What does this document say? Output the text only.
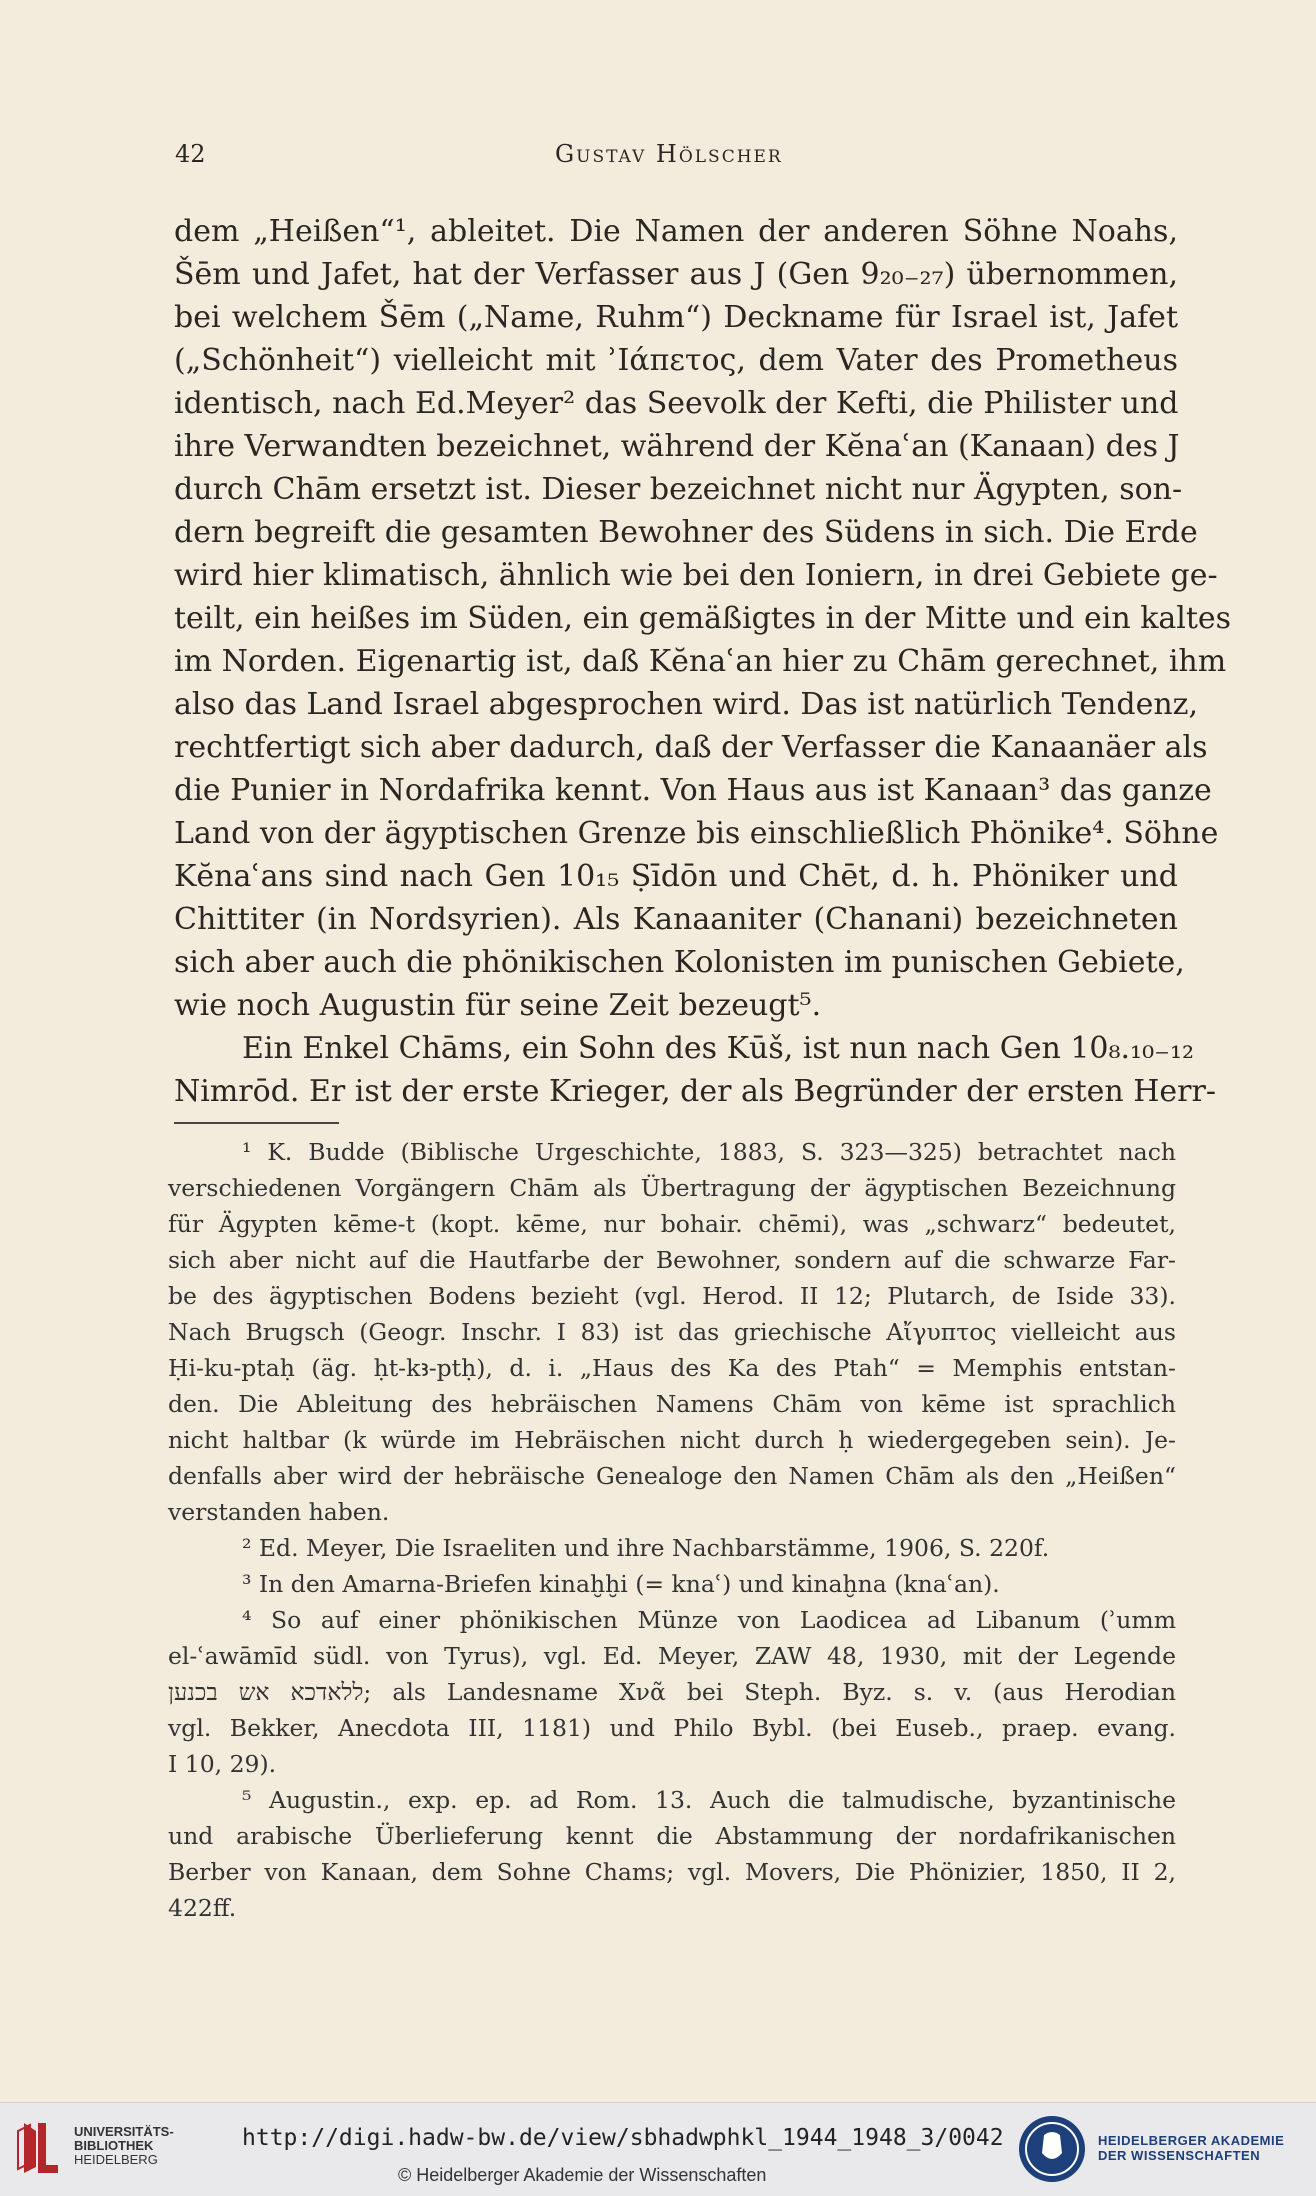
42	Gustav Hölscher
dem „Heißen“¹, ableitet. Die Namen der anderen Söhne Noahs,
Šēm und Jafet, hat der Verfasser aus J (Gen 9₂₀₋₂₇) übernommen,
bei welchem Šēm („Name, Ruhm“) Deckname für Israel ist, Jafet
(„Schönheit“) vielleicht mit ʾΙάπετος, dem Vater des Prometheus
identisch, nach Ed.Meyer² das Seevolk der Kefti, die Philister und
ihre Verwandten bezeichnet, während der Kĕnaʿan (Kanaan) des J
durch Chām ersetzt ist. Dieser bezeichnet nicht nur Ägypten, son-
dern begreift die gesamten Bewohner des Südens in sich. Die Erde
wird hier klimatisch, ähnlich wie bei den Ioniern, in drei Gebiete ge-
teilt, ein heißes im Süden, ein gemäßigtes in der Mitte und ein kaltes
im Norden. Eigenartig ist, daß Kĕnaʿan hier zu Chām gerechnet, ihm
also das Land Israel abgesprochen wird. Das ist natürlich Tendenz,
rechtfertigt sich aber dadurch, daß der Verfasser die Kanaanäer als
die Punier in Nordafrika kennt. Von Haus aus ist Kanaan³ das ganze
Land von der ägyptischen Grenze bis einschließlich Phönike⁴. Söhne
Kĕnaʿans sind nach Gen 10₁₅ Ṣīdōn und Chēt, d. h. Phöniker und
Chittiter (in Nordsyrien). Als Kanaaniter (Chanani) bezeichneten
sich aber auch die phönikischen Kolonisten im punischen Gebiete,
wie noch Augustin für seine Zeit bezeugt⁵.
Ein Enkel Chāms, ein Sohn des Kūš, ist nun nach Gen 10₈.₁₀₋₁₂
Nimrōd. Er ist der erste Krieger, der als Begründer der ersten Herr-
¹ K. Budde (Biblische Urgeschichte, 1883, S. 323—325) betrachtet nach
verschiedenen Vorgängern Chām als Übertragung der ägyptischen Bezeichnung
für Ägypten kēme-t (kopt. kēme, nur bohair. chēmi), was „schwarz“ bedeutet,
sich aber nicht auf die Hautfarbe der Bewohner, sondern auf die schwarze Far-
be des ägyptischen Bodens bezieht (vgl. Herod. II 12; Plutarch, de Iside 33).
Nach Brugsch (Geogr. Inschr. I 83) ist das griechische Αἴγυπτος vielleicht aus
Ḥi-ku-ptaḥ (äg. ḥt-kꜣ-ptḥ), d. i. „Haus des Ka des Ptah“ = Memphis entstan-
den. Die Ableitung des hebräischen Namens Chām von kēme ist sprachlich
nicht haltbar (k würde im Hebräischen nicht durch ḥ wiedergegeben sein). Je-
denfalls aber wird der hebräische Genealoge den Namen Chām als den „Heißen“
verstanden haben.
² Ed. Meyer, Die Israeliten und ihre Nachbarstämme, 1906, S. 220f.
³ In den Amarna-Briefen kinaḫḫi (= knaʿ) und kinaḫna (knaʿan).
⁴ So auf einer phönikischen Münze von Laodicea ad Libanum (ʾumm
el-ʿawāmīd südl. von Tyrus), vgl. Ed. Meyer, ZAW 48, 1930, mit der Legende
ללאדכא אש בכנען; als Landesname Χνᾶ bei Steph. Byz. s. v. (aus Herodian
vgl. Bekker, Anecdota III, 1181) und Philo Bybl. (bei Euseb., praep. evang.
I 10, 29).
⁵ Augustin., exp. ep. ad Rom. 13. Auch die talmudische, byzantinische
und arabische Überlieferung kennt die Abstammung der nordafrikanischen
Berber von Kanaan, dem Sohne Chams; vgl. Movers, Die Phönizier, 1850, II 2,
422ff.
UNIVERSITÄTS-
BIBLIOTHEK
HEIDELBERG
http://digi.hadw-bw.de/view/sbhadwphkl_1944_1948_3/0042
© Heidelberger Akademie der Wissenschaften
HEIDELBERGER AKADEMIE
DER WISSENSCHAFTEN
